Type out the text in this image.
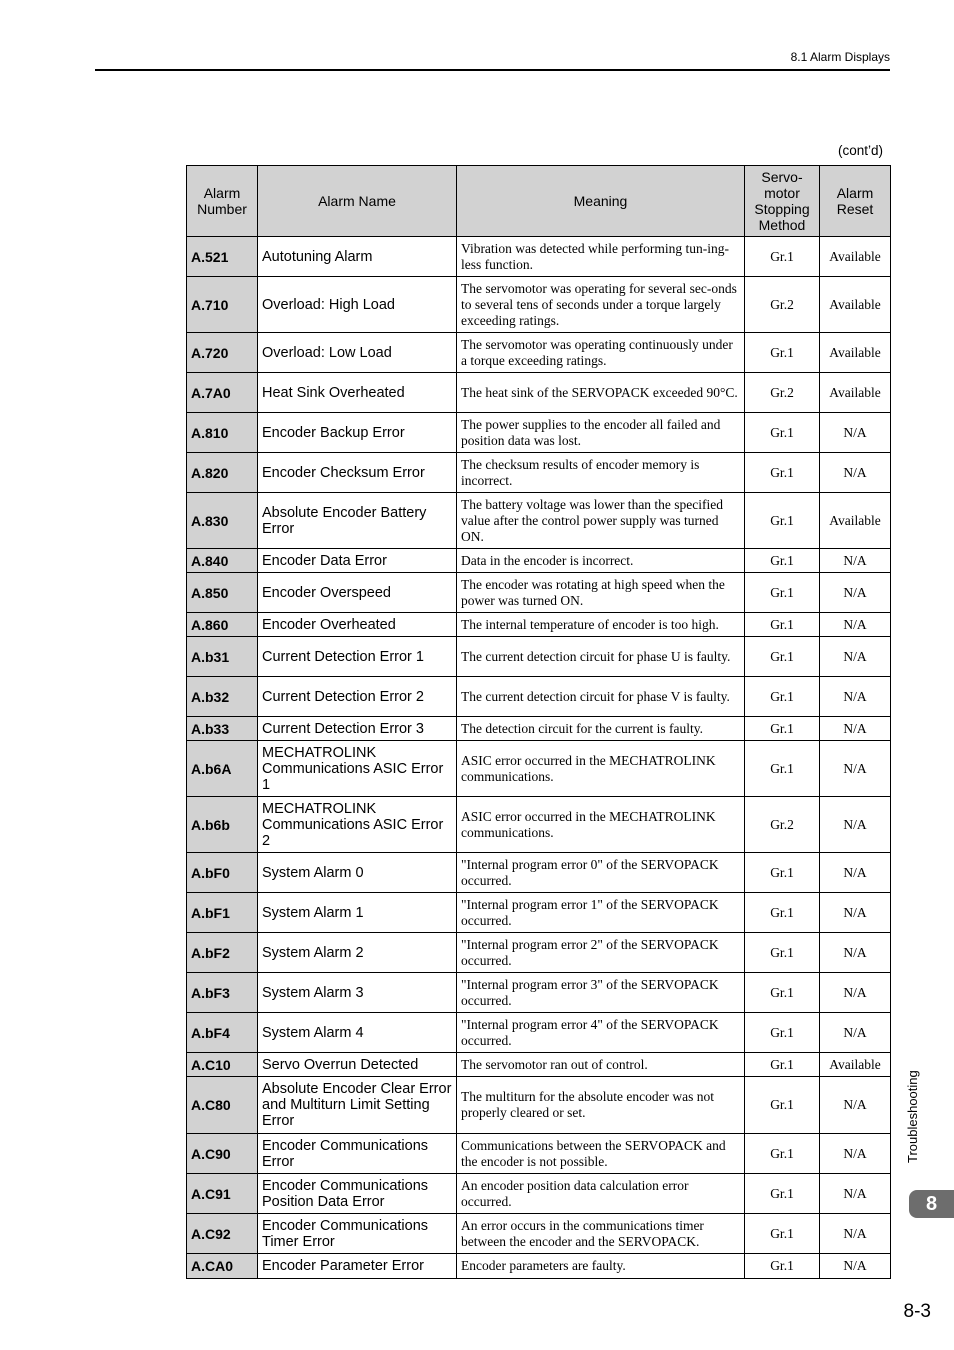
8.1 Alarm Displays
(cont’d)
Alarm Number	Alarm Name	Meaning	Servo-motor Stopping Method	Alarm Reset
A.521	Autotuning Alarm	Vibration was detected while performing tun-ing-less function.	Gr.1	Available
A.710	Overload: High Load	The servomotor was operating for several sec-onds to several tens of seconds under a torque largely exceeding ratings.	Gr.2	Available
A.720	Overload: Low Load	The servomotor was operating continuously under a torque exceeding ratings.	Gr.1	Available
A.7A0	Heat Sink Overheated	The heat sink of the SERVOPACK exceeded 90°C.	Gr.2	Available
A.810	Encoder Backup Error	The power supplies to the encoder all failed and position data was lost.	Gr.1	N/A
A.820	Encoder Checksum Error	The checksum results of encoder memory is incorrect.	Gr.1	N/A
A.830	Absolute Encoder Battery Error	The battery voltage was lower than the specified value after the control power supply was turned ON.	Gr.1	Available
A.840	Encoder Data Error	Data in the encoder is incorrect.	Gr.1	N/A
A.850	Encoder Overspeed	The encoder was rotating at high speed when the power was turned ON.	Gr.1	N/A
A.860	Encoder Overheated	The internal temperature of encoder is too high.	Gr.1	N/A
A.b31	Current Detection Error 1	The current detection circuit for phase U is faulty.	Gr.1	N/A
A.b32	Current Detection Error 2	The current detection circuit for phase V is faulty.	Gr.1	N/A
A.b33	Current Detection Error 3	The detection circuit for the current is faulty.	Gr.1	N/A
A.b6A	MECHATROLINK Communications ASIC Error 1	ASIC error occurred in the MECHATROLINK communications.	Gr.1	N/A
A.b6b	MECHATROLINK Communications ASIC Error 2	ASIC error occurred in the MECHATROLINK communications.	Gr.2	N/A
A.bF0	System Alarm 0	"Internal program error 0" of the SERVOPACK occurred.	Gr.1	N/A
A.bF1	System Alarm 1	"Internal program error 1" of the SERVOPACK occurred.	Gr.1	N/A
A.bF2	System Alarm 2	"Internal program error 2" of the SERVOPACK occurred.	Gr.1	N/A
A.bF3	System Alarm 3	"Internal program error 3" of the SERVOPACK occurred.	Gr.1	N/A
A.bF4	System Alarm 4	"Internal program error 4" of the SERVOPACK occurred.	Gr.1	N/A
A.C10	Servo Overrun Detected	The servomotor ran out of control.	Gr.1	Available
A.C80	Absolute Encoder Clear Error and Multiturn Limit Setting Error	The multiturn for the absolute encoder was not properly cleared or set.	Gr.1	N/A
A.C90	Encoder Communications Error	Communications between the SERVOPACK and the encoder is not possible.	Gr.1	N/A
A.C91	Encoder Communications Position Data Error	An encoder position data calculation error occurred.	Gr.1	N/A
A.C92	Encoder Communications Timer Error	An error occurs in the communications timer between the encoder and the SERVOPACK.	Gr.1	N/A
A.CA0	Encoder Parameter Error	Encoder parameters are faulty.	Gr.1	N/A
Troubleshooting
8
8-3
